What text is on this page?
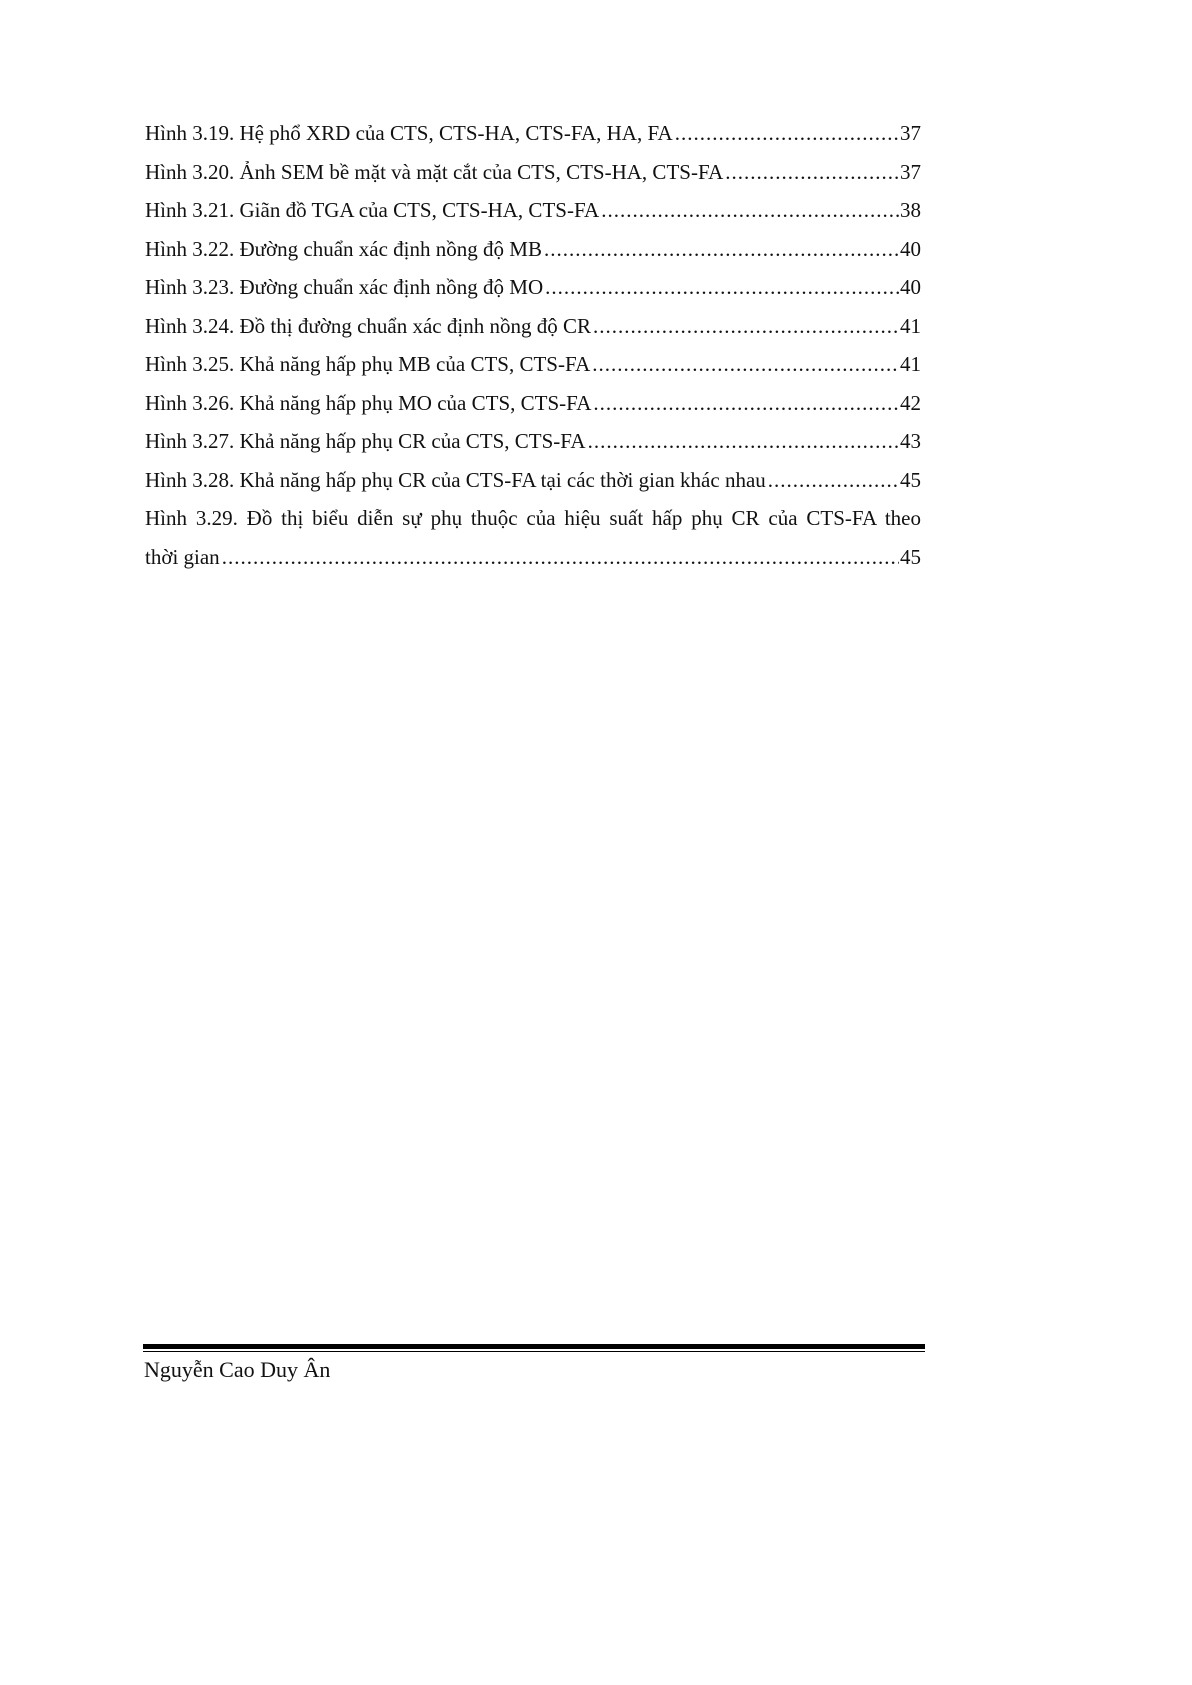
Hình 3.19. Hệ phổ XRD của CTS, CTS-HA, CTS-FA, HA, FA .....	37
Hình 3.20. Ảnh SEM bề mặt và mặt cắt của CTS, CTS-HA, CTS-FA .....	37
Hình 3.21. Giãn đồ TGA của CTS, CTS-HA, CTS-FA .....	38
Hình 3.22. Đường chuẩn xác định nồng độ MB .....	40
Hình 3.23. Đường chuẩn xác định nồng độ MO .....	40
Hình 3.24. Đồ thị đường chuẩn xác định nồng độ CR .....	41
Hình 3.25. Khả năng hấp phụ MB của CTS, CTS-FA .....	41
Hình 3.26. Khả năng hấp phụ MO của CTS, CTS-FA .....	42
Hình 3.27. Khả năng hấp phụ CR của CTS, CTS-FA .....	43
Hình 3.28. Khả năng hấp phụ CR của CTS-FA tại các thời gian khác nhau .....	45
Hình 3.29. Đồ thị biểu diễn sự phụ thuộc của hiệu suất hấp phụ CR của CTS-FA theo
thời gian .....	45
Nguyễn Cao Duy Ân
